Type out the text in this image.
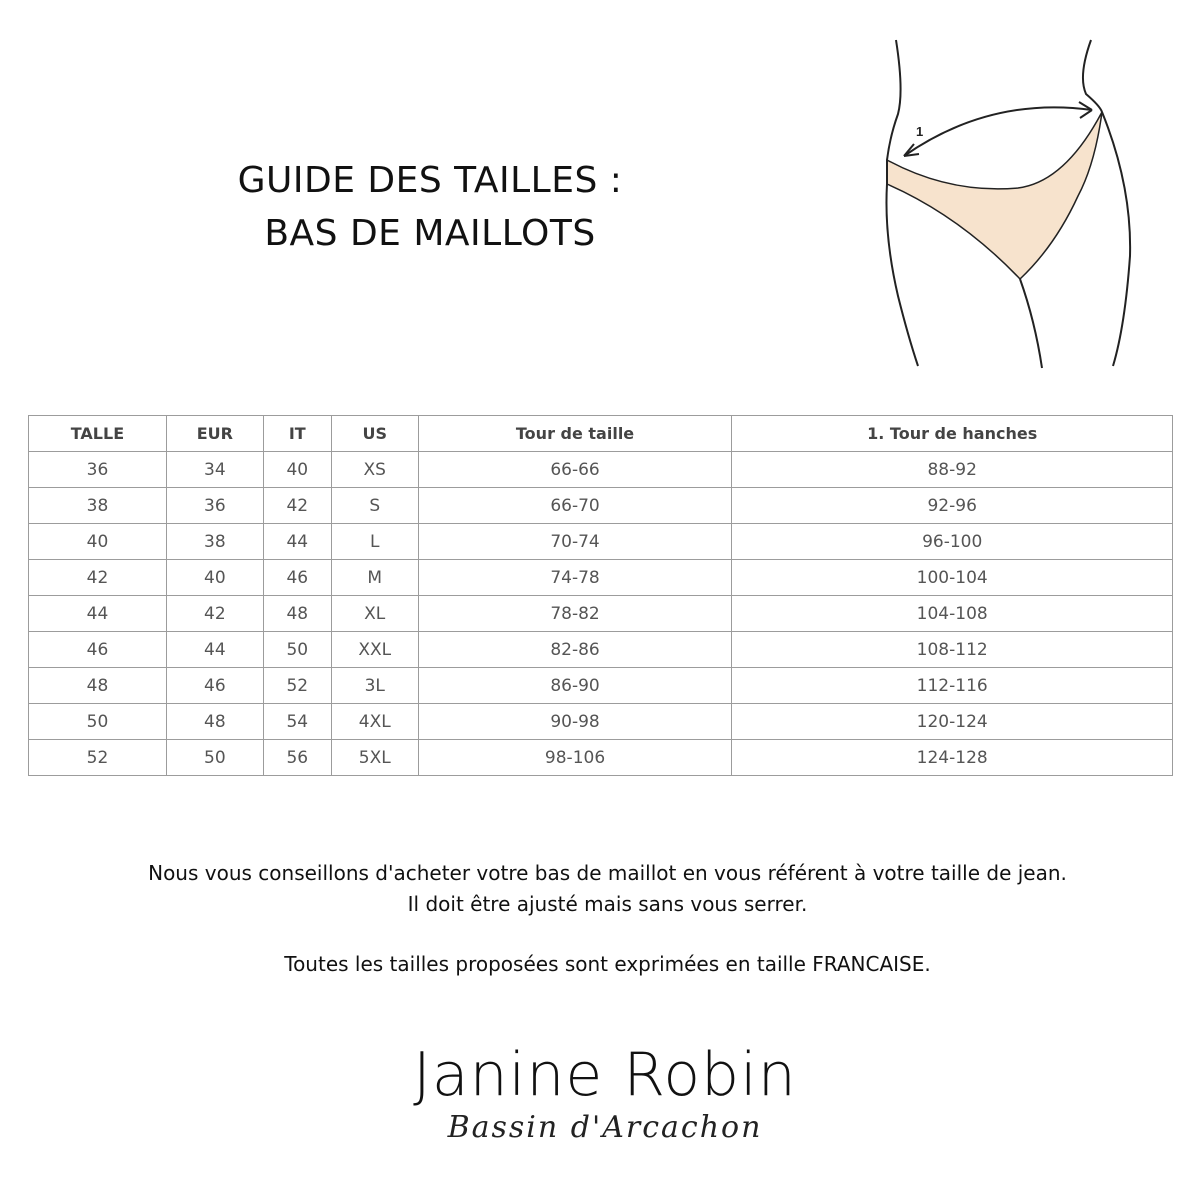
GUIDE DES TAILLES :
BAS DE MAILLOTS
1
TALLE	EUR	IT	US	Tour de taille	1. Tour de hanches
36	34	40	XS	66-66	88-92
38	36	42	S	66-70	92-96
40	38	44	L	70-74	96-100
42	40	46	M	74-78	100-104
44	42	48	XL	78-82	104-108
46	44	50	XXL	82-86	108-112
48	46	52	3L	86-90	112-116
50	48	54	4XL	90-98	120-124
52	50	56	5XL	98-106	124-128
Nous vous conseillons d'acheter votre bas de maillot en vous référent à votre taille de jean.
Il doit être ajusté mais sans vous serrer.
Toutes les tailles proposées sont exprimées en taille FRANCAISE.
Janine Robin
Bassin d'Arcachon
